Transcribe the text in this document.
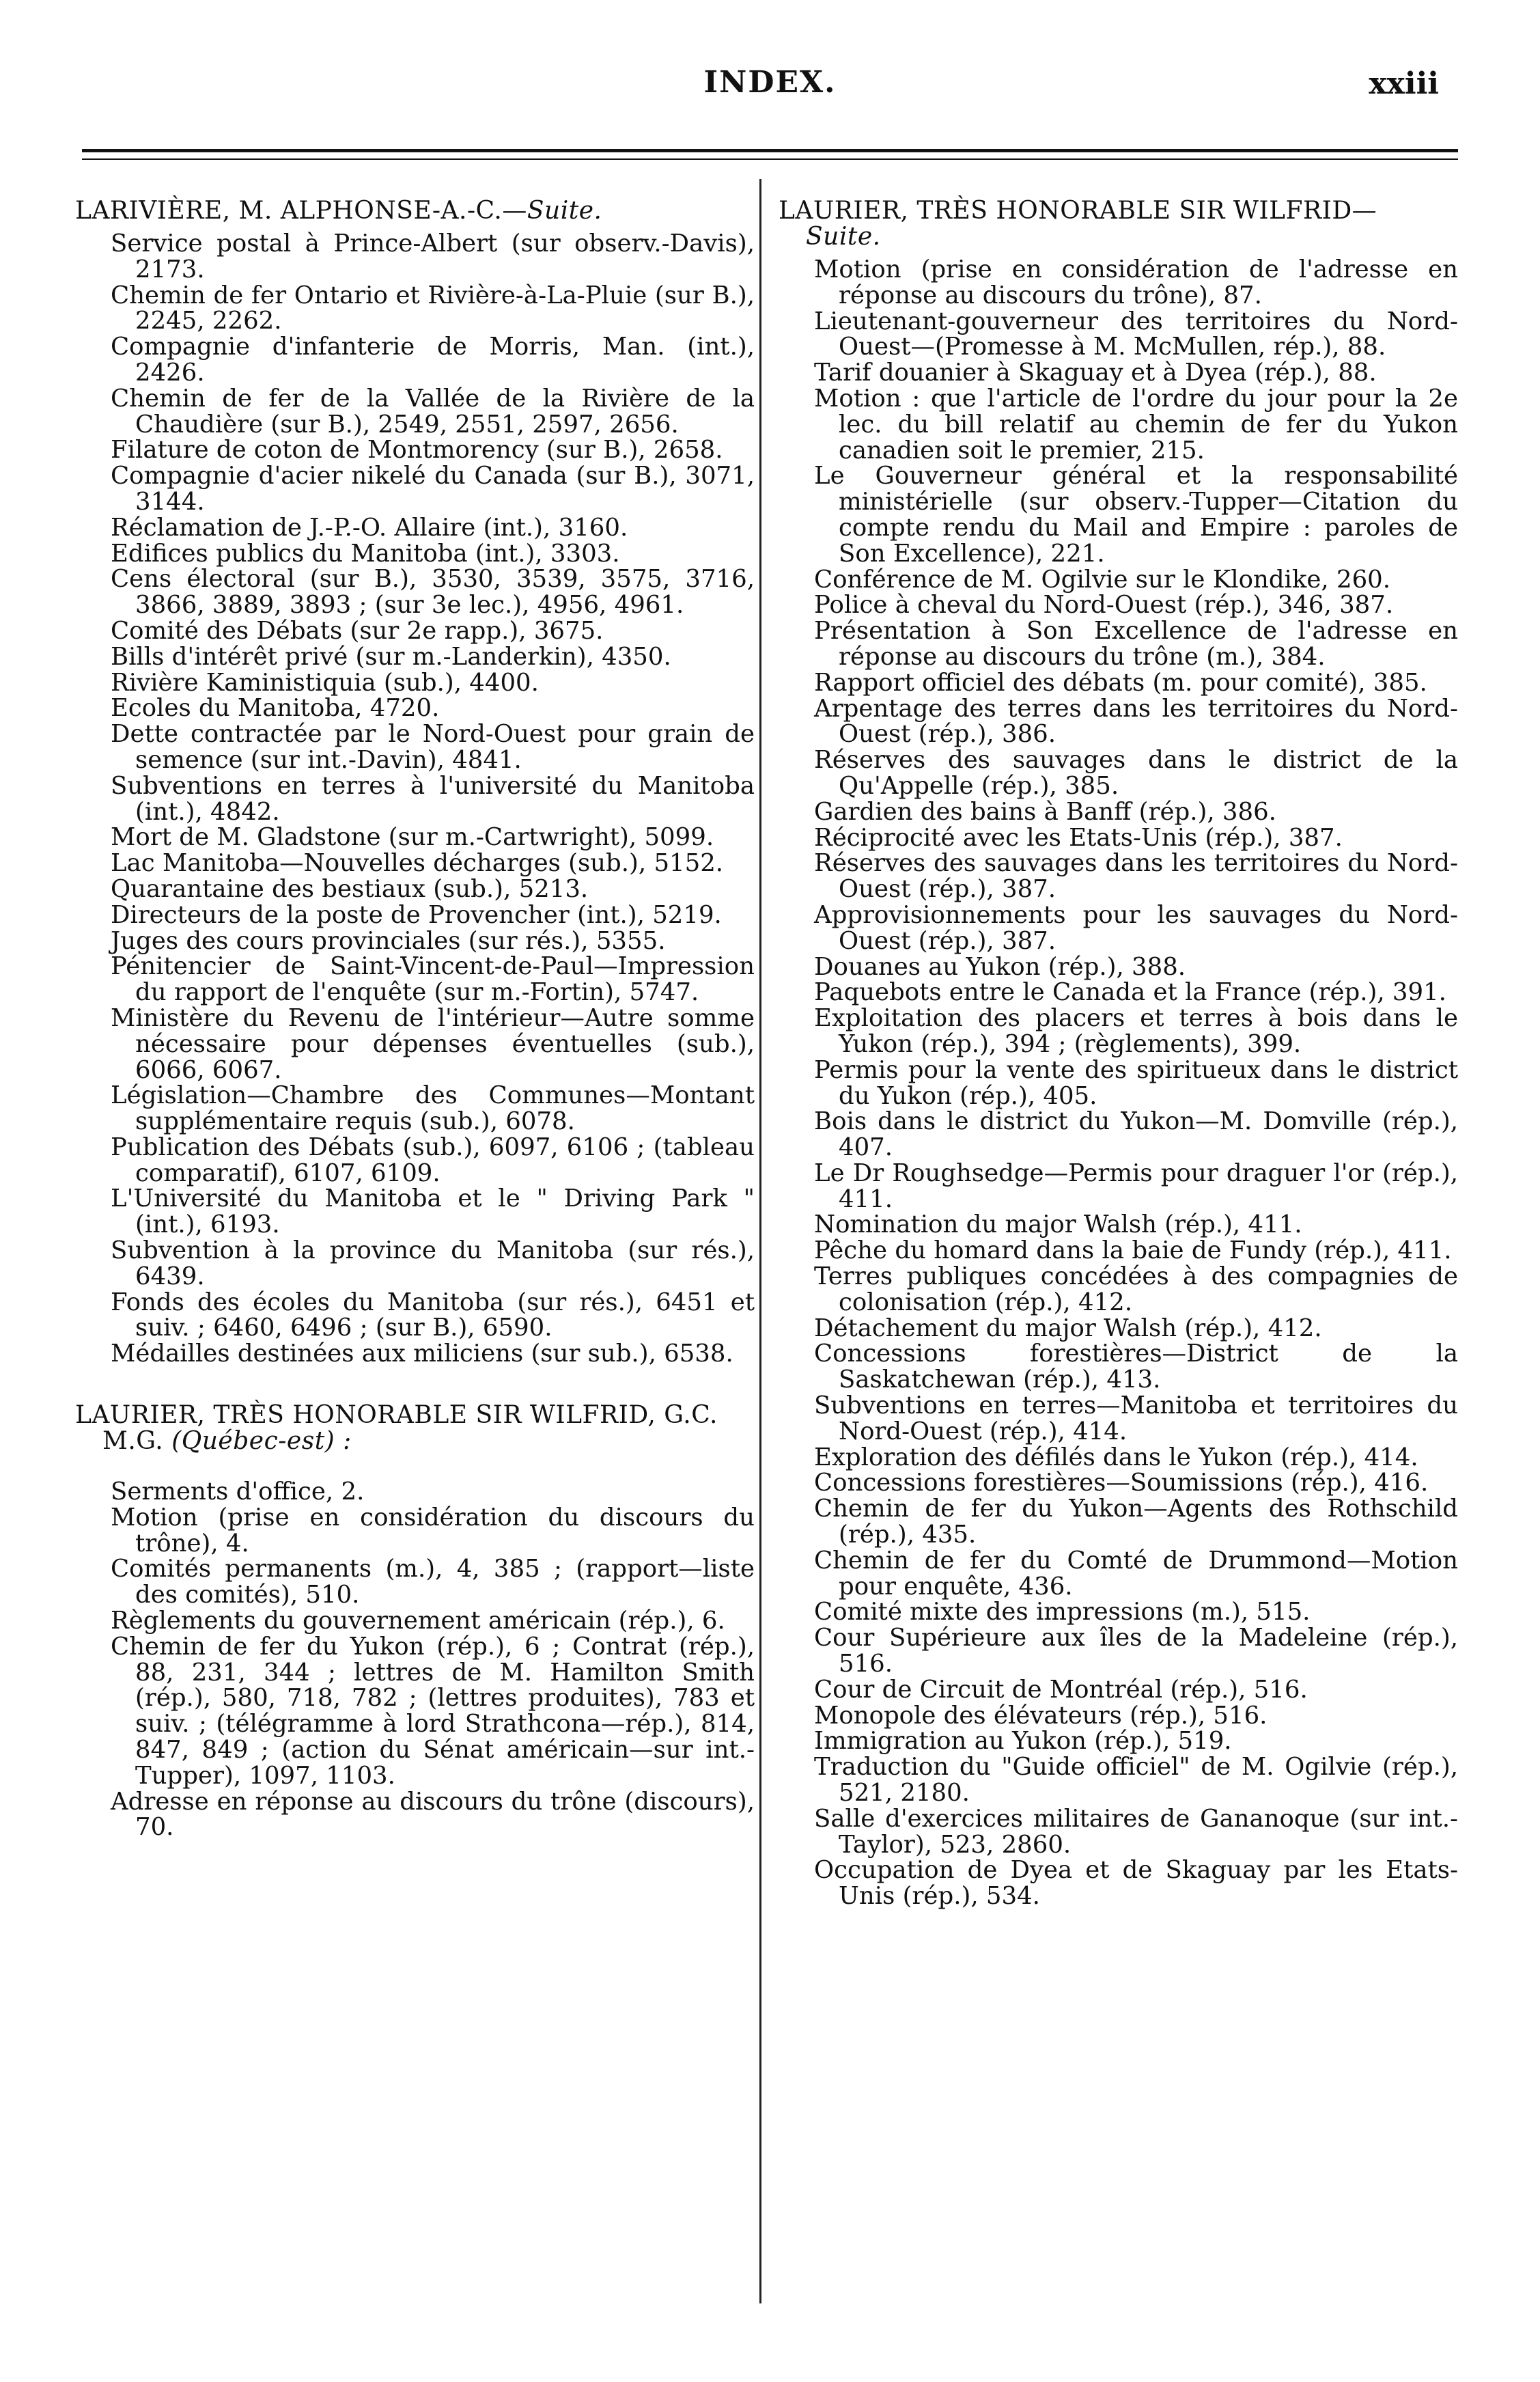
INDEX.	xxiii

LARIVIÈRE, M. ALPHONSE-A.-C.—Suite.

Service postal à Prince-Albert (sur observ.-Davis), 2173.

Chemin de fer Ontario et Rivière-à-La-Pluie (sur B.), 2245, 2262.

Compagnie d'infanterie de Morris, Man. (int.), 2426.

Chemin de fer de la Vallée de la Rivière de la Chaudière (sur B.), 2549, 2551, 2597, 2656.

Filature de coton de Montmorency (sur B.), 2658.

Compagnie d'acier nikelé du Canada (sur B.), 3071, 3144.

Réclamation de J.-P.-O. Allaire (int.), 3160.

Edifices publics du Manitoba (int.), 3303.

Cens électoral (sur B.), 3530, 3539, 3575, 3716, 3866, 3889, 3893 ; (sur 3e lec.), 4956, 4961.

Comité des Débats (sur 2e rapp.), 3675.

Bills d'intérêt privé (sur m.-Landerkin), 4350.

Rivière Kaministiquia (sub.), 4400.

Ecoles du Manitoba, 4720.

Dette contractée par le Nord-Ouest pour grain de semence (sur int.-Davin), 4841.

Subventions en terres à l'université du Manitoba (int.), 4842.

Mort de M. Gladstone (sur m.-Cartwright), 5099.

Lac Manitoba—Nouvelles décharges (sub.), 5152.

Quarantaine des bestiaux (sub.), 5213.

Directeurs de la poste de Provencher (int.), 5219.

Juges des cours provinciales (sur rés.), 5355.

Pénitencier de Saint-Vincent-de-Paul—Impression du rapport de l'enquête (sur m.-Fortin), 5747.

Ministère du Revenu de l'intérieur—Autre somme nécessaire pour dépenses éventuelles (sub.), 6066, 6067.

Législation—Chambre des Communes—Montant supplémentaire requis (sub.), 6078.

Publication des Débats (sub.), 6097, 6106 ; (tableau comparatif), 6107, 6109.

L'Université du Manitoba et le " Driving Park " (int.), 6193.

Subvention à la province du Manitoba (sur rés.), 6439.

Fonds des écoles du Manitoba (sur rés.), 6451 et suiv. ; 6460, 6496 ; (sur B.), 6590.

Médailles destinées aux miliciens (sur sub.), 6538.

LAURIER, TRÈS HONORABLE SIR WILFRID, G.C. M.G. (Québec-est) :

Serments d'office, 2.

Motion (prise en considération du discours du trône), 4.

Comités permanents (m.), 4, 385 ; (rapport—liste des comités), 510.

Règlements du gouvernement américain (rép.), 6.

Chemin de fer du Yukon (rép.), 6 ; Contrat (rép.), 88, 231, 344 ; lettres de M. Hamilton Smith (rép.), 580, 718, 782 ; (lettres produites), 783 et suiv. ; (télégramme à lord Strathcona—rép.), 814, 847, 849 ; (action du Sénat américain—sur int.-Tupper), 1097, 1103.

Adresse en réponse au discours du trône (discours), 70.

LAURIER, TRÈS HONORABLE SIR WILFRID—
Suite.

Motion (prise en considération de l'adresse en réponse au discours du trône), 87.

Lieutenant-gouverneur des territoires du Nord-Ouest—(Promesse à M. McMullen, rép.), 88.

Tarif douanier à Skaguay et à Dyea (rép.), 88.

Motion : que l'article de l'ordre du jour pour la 2e lec. du bill relatif au chemin de fer du Yukon canadien soit le premier, 215.

Le Gouverneur général et la responsabilité ministérielle (sur observ.-Tupper—Citation du compte rendu du Mail and Empire : paroles de Son Excellence), 221.

Conférence de M. Ogilvie sur le Klondike, 260.

Police à cheval du Nord-Ouest (rép.), 346, 387.

Présentation à Son Excellence de l'adresse en réponse au discours du trône (m.), 384.

Rapport officiel des débats (m. pour comité), 385.

Arpentage des terres dans les territoires du Nord-Ouest (rép.), 386.

Réserves des sauvages dans le district de la Qu'Appelle (rép.), 385.

Gardien des bains à Banff (rép.), 386.

Réciprocité avec les Etats-Unis (rép.), 387.

Réserves des sauvages dans les territoires du Nord-Ouest (rép.), 387.

Approvisionnements pour les sauvages du Nord-Ouest (rép.), 387.

Douanes au Yukon (rép.), 388.

Paquebots entre le Canada et la France (rép.), 391.

Exploitation des placers et terres à bois dans le Yukon (rép.), 394 ; (règlements), 399.

Permis pour la vente des spiritueux dans le district du Yukon (rép.), 405.

Bois dans le district du Yukon—M. Domville (rép.), 407.

Le Dr Roughsedge—Permis pour draguer l'or (rép.), 411.

Nomination du major Walsh (rép.), 411.

Pêche du homard dans la baie de Fundy (rép.), 411.

Terres publiques concédées à des compagnies de colonisation (rép.), 412.

Détachement du major Walsh (rép.), 412.

Concessions forestières—District de la Saskatchewan (rép.), 413.

Subventions en terres—Manitoba et territoires du Nord-Ouest (rép.), 414.

Exploration des défilés dans le Yukon (rép.), 414.

Concessions forestières—Soumissions (rép.), 416.

Chemin de fer du Yukon—Agents des Rothschild (rép.), 435.

Chemin de fer du Comté de Drummond—Motion pour enquête, 436.

Comité mixte des impressions (m.), 515.

Cour Supérieure aux îles de la Madeleine (rép.), 516.

Cour de Circuit de Montréal (rép.), 516.

Monopole des élévateurs (rép.), 516.

Immigration au Yukon (rép.), 519.

Traduction du "Guide officiel" de M. Ogilvie (rép.), 521, 2180.

Salle d'exercices militaires de Gananoque (sur int.-Taylor), 523, 2860.

Occupation de Dyea et de Skaguay par les Etats-Unis (rép.), 534.
